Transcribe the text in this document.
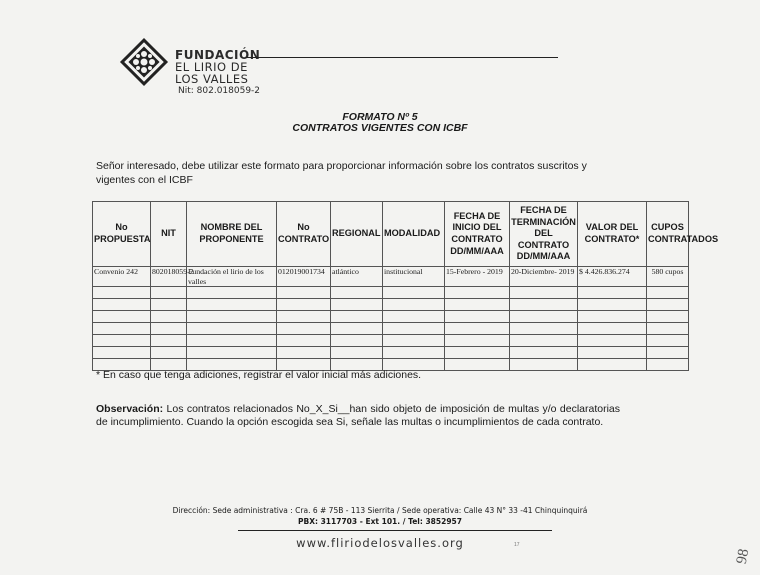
FUNDACIÓN
EL LIRIO DE
LOS VALLES
Nit: 802.018059-2
FORMATO Nº 5
CONTRATOS VIGENTES CON ICBF
Señor interesado, debe utilizar este formato para proporcionar información sobre los contratos suscritos y vigentes con el ICBF
No PROPUESTA	NIT	NOMBRE DEL PROPONENTE	No CONTRATO	REGIONAL	MODALIDAD	FECHA DE INICIO DEL CONTRATO DD/MM/AAA	FECHA DE TERMINACIÓN DEL CONTRATO DD/MM/AAA	VALOR DEL CONTRATO*	CUPOS CONTRATADOS
Convenio 242	802018059-2	Fundación el lirio de los valles	012019001734	atlántico	institucional	15-Febrero - 2019	20-Diciembre- 2019	$ 4.426.836.274	580 cupos

* En caso que tenga adiciones, registrar el valor inicial más adiciones.
Observación: Los contratos relacionados No_X_Si__han sido objeto de imposición de multas y/o declaratorias de incumplimiento. Cuando la opción escogida sea Si, señale las multas o incumplimientos de cada contrato.
Dirección: Sede administrativa : Cra. 6 # 75B - 113 Sierrita / Sede operativa: Calle 43 N° 33 -41 Chinquinquirá
PBX: 3117703 - Ext 101. / Tel: 3852957
www.fliriodelosvalles.org	17
98
